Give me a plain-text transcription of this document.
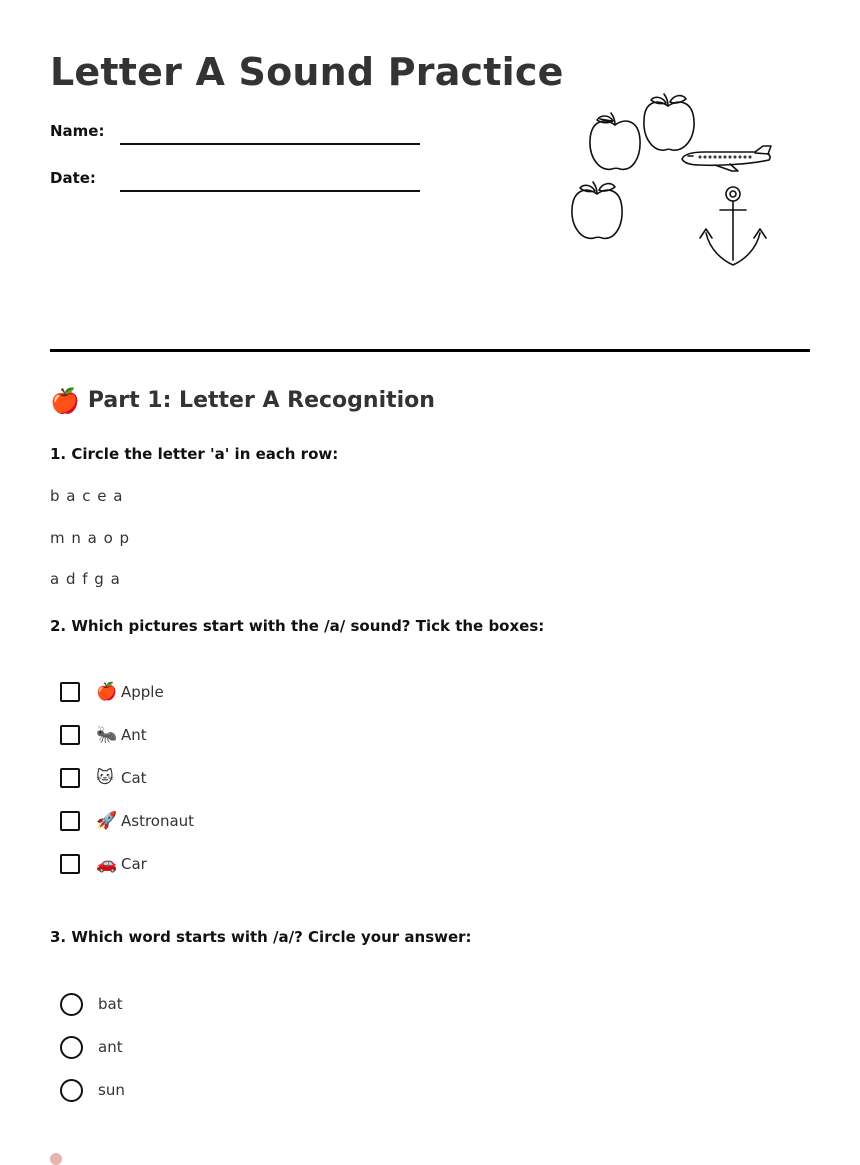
Letter A Sound Practice
Name:
Date:
🍎 Part 1: Letter A Recognition
1. Circle the letter 'a' in each row:
b a c e a
m n a o p
a d f g a
2. Which pictures start with the /a/ sound? Tick the boxes:
🍎 Apple
🐜 Ant
🐱 Cat
🚀 Astronaut
🚗 Car
3. Which word starts with /a/? Circle your answer:
bat
ant
sun
